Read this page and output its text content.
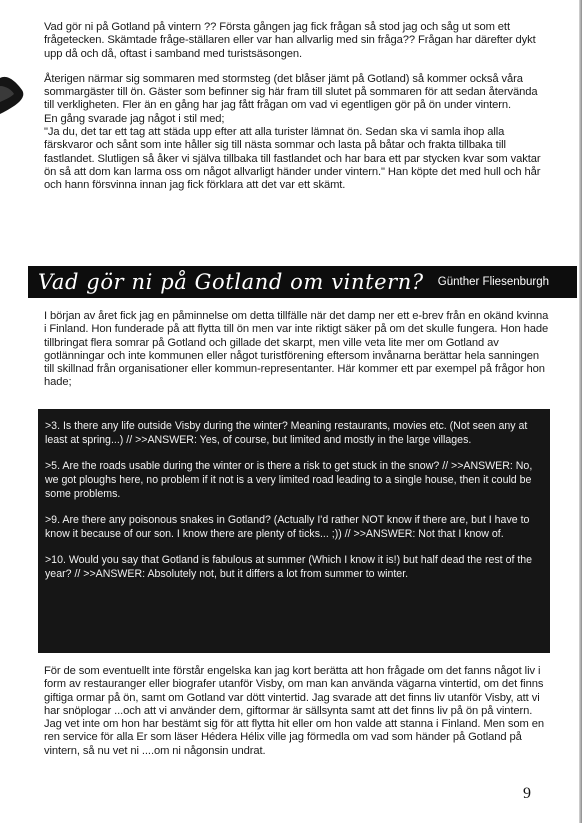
Vad gör ni på Gotland på vintern ?? Första gången jag fick frågan så stod jag och såg ut som ett frågetecken. Skämtade fråge-ställaren eller var han allvarlig med sin fråga?? Frågan har därefter dykt upp då och då, oftast i samband med turistsäsongen.

Återigen närmar sig sommaren med stormsteg (det blåser jämt på Gotland) så kommer också våra sommargäster till ön. Gäster som befinner sig här fram till slutet på sommaren för att sedan återvända till verkligheten. Fler än en gång har jag fått frågan om vad vi egentligen gör på ön under vintern.

En gång svarade jag något i stil med;

"Ja du, det tar ett tag att städa upp efter att alla turister lämnat ön. Sedan ska vi samla ihop alla färskvaror och sånt som inte håller sig till nästa sommar och lasta på båtar och frakta tillbaka till fastlandet. Slutligen så åker vi själva tillbaka till fastlandet och har bara ett par stycken kvar som vaktar ön så att dom kan larma oss om något allvarligt händer under vintern." Han köpte det med hull och hår och hann försvinna innan jag fick förklara att det var ett skämt.

Vad gör ni på Gotland om vintern? Günther Fliesenburgh

I början av året fick jag en påminnelse om detta tillfälle när det damp ner ett e-brev från en okänd kvinna i Finland. Hon funderade på att flytta till ön men var inte riktigt säker på om det skulle fungera. Hon hade tillbringat flera somrar på Gotland och gillade det skarpt, men ville veta lite mer om Gotland av gotlänningar och inte kommunen eller något turistförening eftersom invånarna berättar hela sanningen till skillnad från organisationer eller kommun-representanter. Här kommer ett par exempel på frågor hon hade;

>3. Is there any life outside Visby during the winter? Meaning restaurants, movies etc. (Not seen any at least at spring...) // >>ANSWER: Yes, of course, but limited and mostly in the large villages.

>5. Are the roads usable during the winter or is there a risk to get stuck in the snow? // >>ANSWER: No, we got ploughs here, no problem if it not is a very limited road leading to a single house, then it could be some problems.

>9. Are there any poisonous snakes in Gotland? (Actually I'd rather NOT know if there are, but I have to know it because of our son. I know there are plenty of ticks... ;)) // >>ANSWER: Not that I know of.

>10. Would you say that Gotland is fabulous at summer (Which I know it is!) but half dead the rest of the year? // >>ANSWER: Absolutely not, but it differs a lot from summer to winter.

För de som eventuellt inte förstår engelska kan jag kort berätta att hon frågade om det fanns något liv i form av restauranger eller biografer utanför Visby, om man kan använda vägarna vintertid, om det finns giftiga ormar på ön, samt om Gotland var dött vintertid. Jag svarade att det finns liv utanför Visby, att vi har snöplogar ...och att vi använder dem, giftormar är sällsynta samt att det finns liv på ön på vintern. Jag vet inte om hon har bestämt sig för att flytta hit eller om hon valde att stanna i Finland. Men som en ren service för alla Er som läser Hédera Hélix ville jag förmedla om vad som händer på Gotland på vintern, så nu vet ni ....om ni någonsin undrat.

9
